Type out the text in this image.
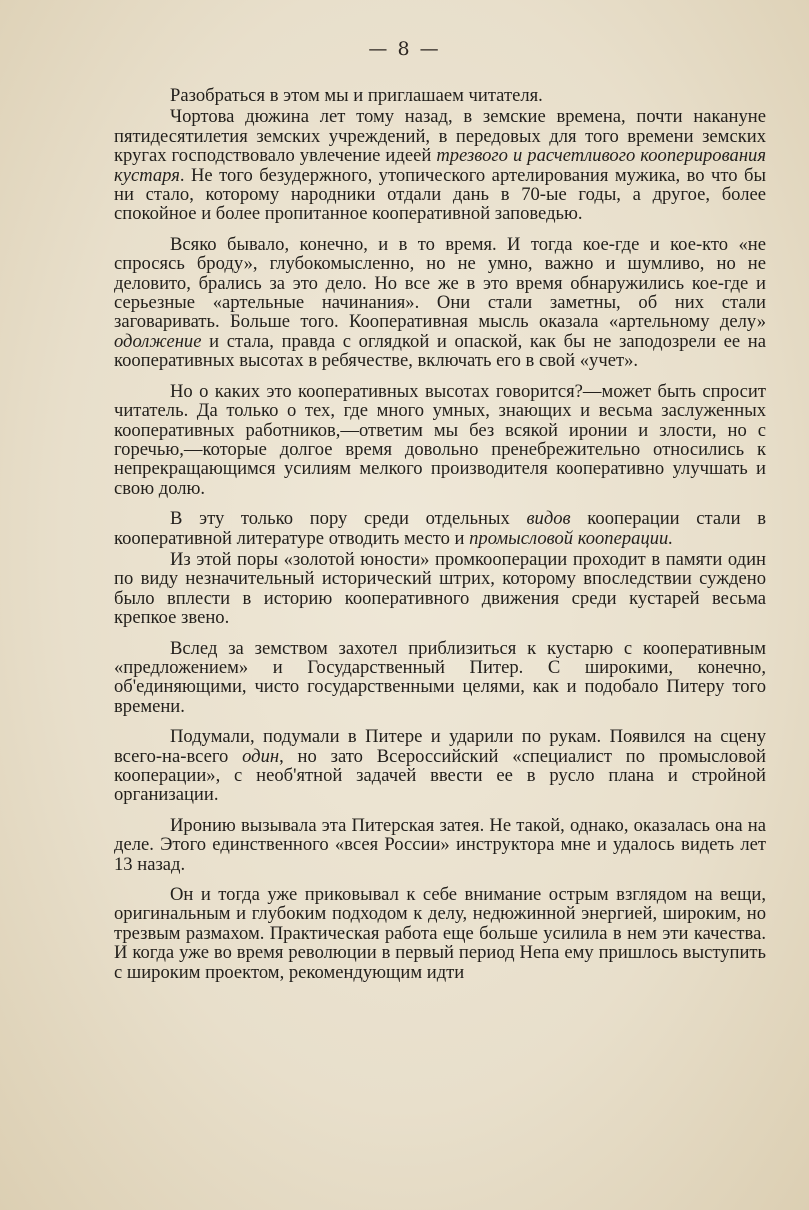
— 8 —

Разобраться в этом мы и приглашаем читателя.

Чортова дюжина лет тому назад, в земские времена, почти накануне пятидесятилетия земских учреждений, в передовых для того времени земских кругах господствовало увлечение идеей трезвого и расчетливого кооперирования кустаря. Не того безудержного, утопического артелирования мужика, во что бы ни стало, которому народники отдали дань в 70-ые годы, а другое, более спокойное и более пропитанное кооперативной заповедью.

Всяко бывало, конечно, и в то время. И тогда кое-где и кое-кто «не спросясь броду», глубокомысленно, но не умно, важно и шумливо, но не деловито, брались за это дело. Но все же в это время обнаружились кое-где и серьезные «артельные начинания». Они стали заметны, об них стали заговаривать. Больше того. Кооперативная мысль оказала «артельному делу» одолжение и стала, правда с оглядкой и опаской, как бы не заподозрели ее на кооперативных высотах в ребячестве, включать его в свой «учет».

Но о каких это кооперативных высотах говорится?—может быть спросит читатель. Да только о тех, где много умных, знающих и весьма заслуженных кооперативных работников,—ответим мы без всякой иронии и злости, но с горечью,—которые долгое время довольно пренебрежительно относились к непрекращающимся усилиям мелкого производителя кооперативно улучшать и свою долю.

В эту только пору среди отдельных видов кооперации стали в кооперативной литературе отводить место и промысловой кооперации.

Из этой поры «золотой юности» промкооперации проходит в памяти один по виду незначительный исторический штрих, которому впоследствии суждено было вплести в историю кооперативного движения среди кустарей весьма крепкое звено.

Вслед за земством захотел приблизиться к кустарю с кооперативным «предложением» и Государственный Питер. С широкими, конечно, об'единяющими, чисто государственными целями, как и подобало Питеру того времени.

Подумали, подумали в Питере и ударили по рукам. Появился на сцену всего-на-всего один, но зато Всероссийский «специалист по промысловой кооперации», с необ'ятной задачей ввести ее в русло плана и стройной организации.

Иронию вызывала эта Питерская затея. Не такой, однако, оказалась она на деле. Этого единственного «всея России» инструктора мне и удалось видеть лет 13 назад.

Он и тогда уже приковывал к себе внимание острым взглядом на вещи, оригинальным и глубоким подходом к делу, недюжинной энергией, широким, но трезвым размахом. Практическая работа еще больше усилила в нем эти качества. И когда уже во время революции в первый период Непа ему пришлось выступить с широким проектом, рекомендующим идти
